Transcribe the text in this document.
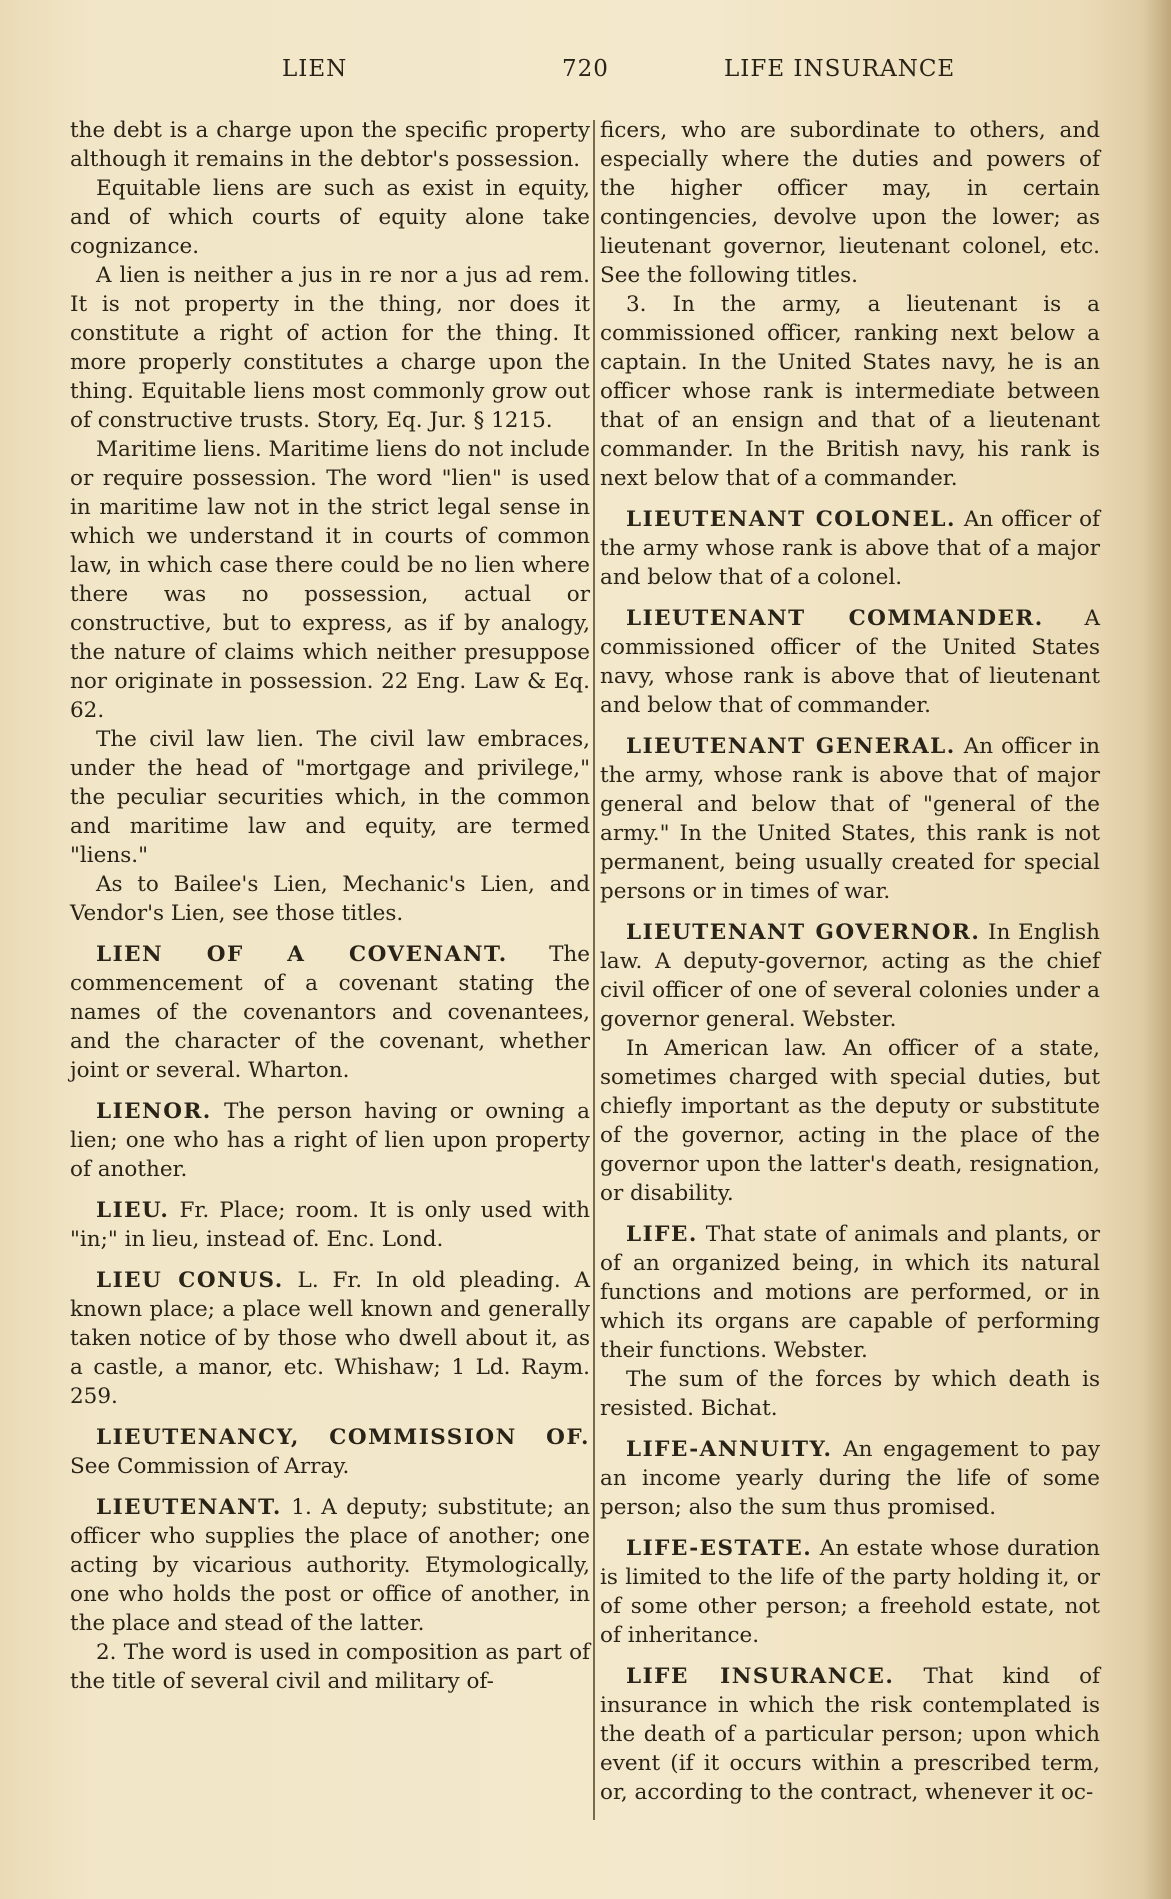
LIEN	720	LIFE INSURANCE

the debt is a charge upon the specific property although it remains in the debtor's possession.

Equitable liens are such as exist in equity, and of which courts of equity alone take cognizance.

A lien is neither a jus in re nor a jus ad rem. It is not property in the thing, nor does it constitute a right of action for the thing. It more properly constitutes a charge upon the thing. Equitable liens most commonly grow out of constructive trusts. Story, Eq. Jur. § 1215.

Maritime liens. Maritime liens do not include or require possession. The word "lien" is used in maritime law not in the strict legal sense in which we understand it in courts of common law, in which case there could be no lien where there was no possession, actual or constructive, but to express, as if by analogy, the nature of claims which neither presuppose nor originate in possession. 22 Eng. Law & Eq. 62.

The civil law lien. The civil law embraces, under the head of "mortgage and privilege," the peculiar securities which, in the common and maritime law and equity, are termed "liens."

As to Bailee's Lien, Mechanic's Lien, and Vendor's Lien, see those titles.

LIEN OF A COVENANT. The commencement of a covenant stating the names of the covenantors and covenantees, and the character of the covenant, whether joint or several. Wharton.

LIENOR. The person having or owning a lien; one who has a right of lien upon property of another.

LIEU. Fr. Place; room. It is only used with "in;" in lieu, instead of. Enc. Lond.

LIEU CONUS. L. Fr. In old pleading. A known place; a place well known and generally taken notice of by those who dwell about it, as a castle, a manor, etc. Whishaw; 1 Ld. Raym. 259.

LIEUTENANCY, COMMISSION OF. See Commission of Array.

LIEUTENANT. 1. A deputy; substitute; an officer who supplies the place of another; one acting by vicarious authority. Etymologically, one who holds the post or office of another, in the place and stead of the latter.

2. The word is used in composition as part of the title of several civil and military of-

ficers, who are subordinate to others, and especially where the duties and powers of the higher officer may, in certain contingencies, devolve upon the lower; as lieutenant governor, lieutenant colonel, etc. See the following titles.

3. In the army, a lieutenant is a commissioned officer, ranking next below a captain. In the United States navy, he is an officer whose rank is intermediate between that of an ensign and that of a lieutenant commander. In the British navy, his rank is next below that of a commander.

LIEUTENANT COLONEL. An officer of the army whose rank is above that of a major and below that of a colonel.

LIEUTENANT COMMANDER. A commissioned officer of the United States navy, whose rank is above that of lieutenant and below that of commander.

LIEUTENANT GENERAL. An officer in the army, whose rank is above that of major general and below that of "general of the army." In the United States, this rank is not permanent, being usually created for special persons or in times of war.

LIEUTENANT GOVERNOR. In English law. A deputy-governor, acting as the chief civil officer of one of several colonies under a governor general. Webster.

In American law. An officer of a state, sometimes charged with special duties, but chiefly important as the deputy or substitute of the governor, acting in the place of the governor upon the latter's death, resignation, or disability.

LIFE. That state of animals and plants, or of an organized being, in which its natural functions and motions are performed, or in which its organs are capable of performing their functions. Webster.

The sum of the forces by which death is resisted. Bichat.

LIFE-ANNUITY. An engagement to pay an income yearly during the life of some person; also the sum thus promised.

LIFE-ESTATE. An estate whose duration is limited to the life of the party holding it, or of some other person; a freehold estate, not of inheritance.

LIFE INSURANCE. That kind of insurance in which the risk contemplated is the death of a particular person; upon which event (if it occurs within a prescribed term, or, according to the contract, whenever it oc-
